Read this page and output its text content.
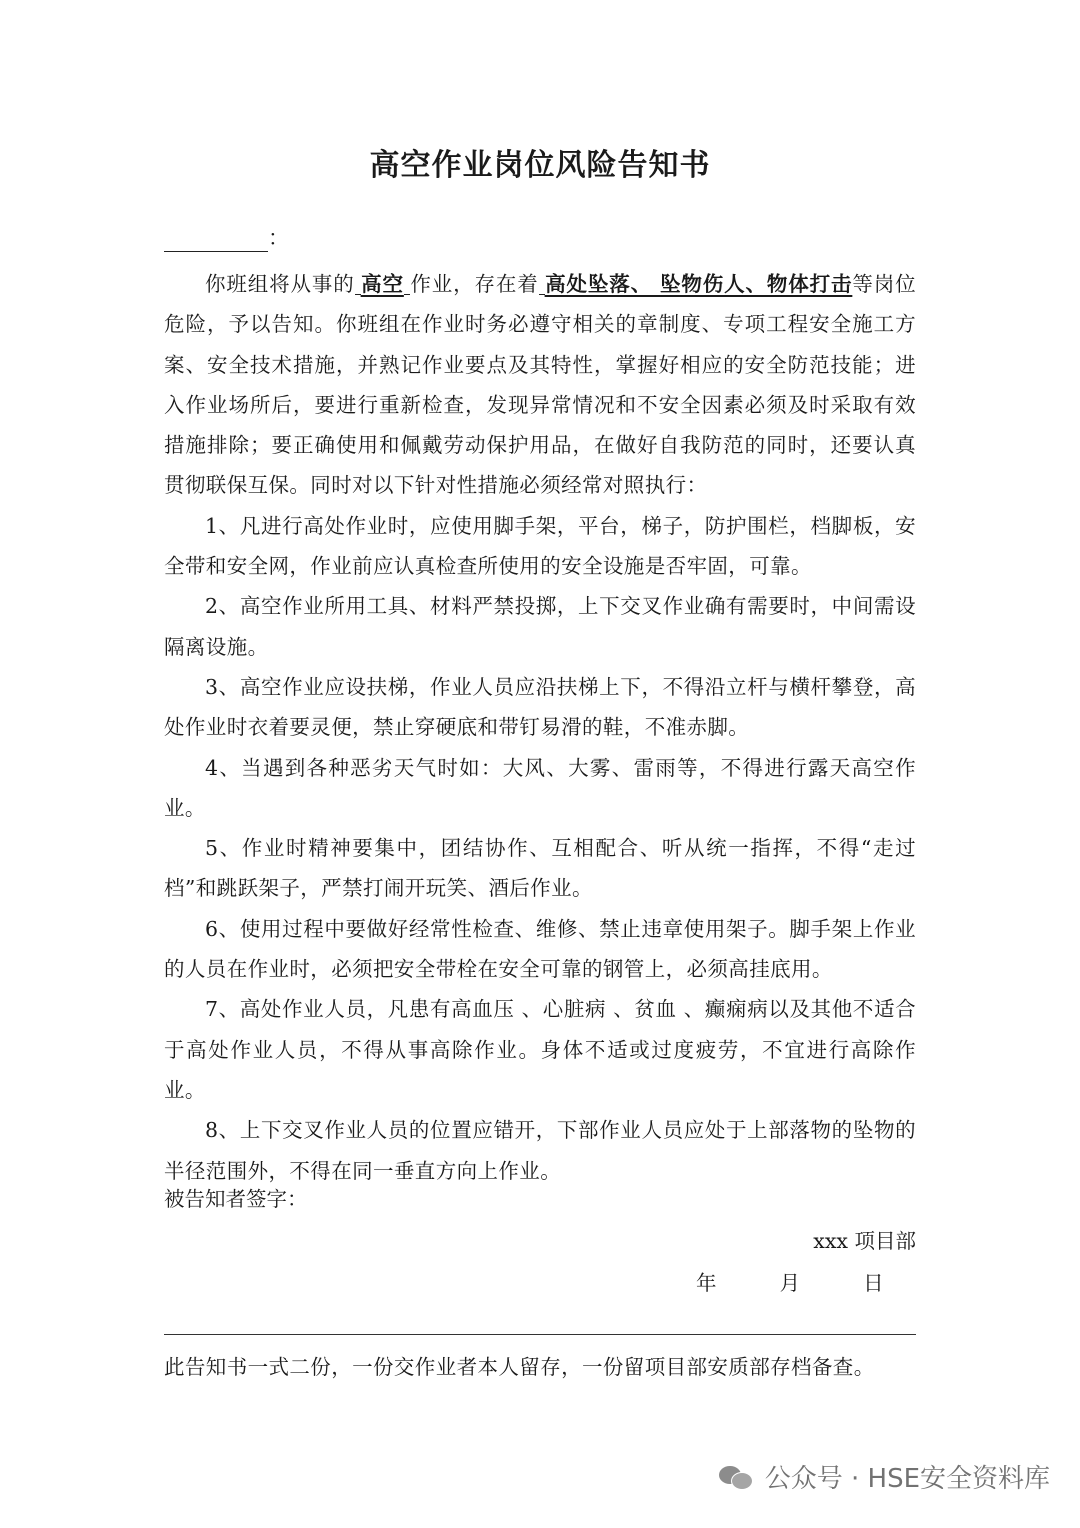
高空作业岗位风险告知书
：

你班组将从事的 高空 作业，存在着 高处坠落、 坠物伤人、物体打击等岗位危险，予以告知。你班组在作业时务必遵守相关的章制度、专项工程安全施工方案、安全技术措施，并熟记作业要点及其特性，掌握好相应的安全防范技能；进入作业场所后，要进行重新检查，发现异常情况和不安全因素必须及时采取有效措施排除；要正确使用和佩戴劳动保护用品，在做好自我防范的同时，还要认真贯彻联保互保。同时对以下针对性措施必须经常对照执行：

1、凡进行高处作业时，应使用脚手架，平台，梯子，防护围栏，档脚板，安全带和安全网，作业前应认真检查所使用的安全设施是否牢固，可靠。

2、高空作业所用工具、材料严禁投掷，上下交叉作业确有需要时，中间需设隔离设施。

3、高空作业应设扶梯，作业人员应沿扶梯上下，不得沿立杆与横杆攀登，高处作业时衣着要灵便，禁止穿硬底和带钉易滑的鞋，不准赤脚。

4、当遇到各种恶劣天气时如：大风、大雾、雷雨等，不得进行露天高空作业。

5、作业时精神要集中，团结协作、互相配合、听从统一指挥，不得“走过档”和跳跃架子，严禁打闹开玩笑、酒后作业。

6、使用过程中要做好经常性检查、维修、禁止违章使用架子。脚手架上作业的人员在作业时，必须把安全带栓在安全可靠的钢管上，必须高挂底用。

7、高处作业人员，凡患有高血压 、心脏病 、贫血 、癫痫病以及其他不适合于高处作业人员，不得从事高除作业。身体不适或过度疲劳，不宜进行高除作业。

8、上下交叉作业人员的位置应错开，下部作业人员应处于上部落物的坠物的半径范围外，不得在同一垂直方向上作业。

被告知者签字：
xxx 项目部
年	月	日
此告知书一式二份，一份交作业者本人留存，一份留项目部安质部存档备查。
公众号 · HSE安全资料库
